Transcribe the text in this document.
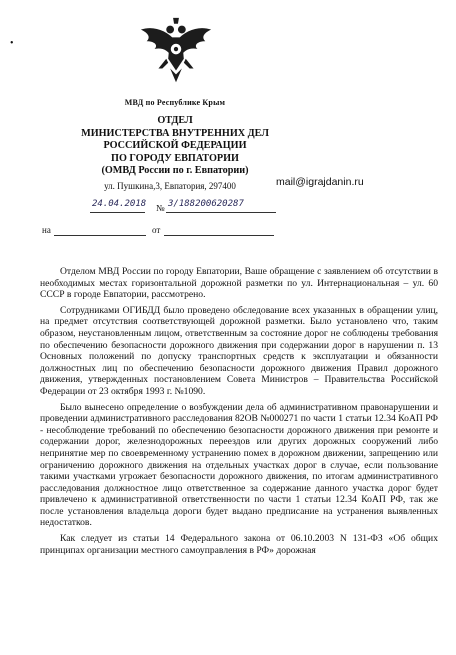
•
МВД по Республике Крым
ОТДЕЛ
МИНИСТЕРСТВА ВНУТРЕННИХ ДЕЛ
РОССИЙСКОЙ ФЕДЕРАЦИИ
ПО ГОРОДУ ЕВПАТОРИИ
(ОМВД России по г. Евпатории)
ул. Пушкина,3, Евпатория, 297400	mail@igrajdanin.ru
24.04.2018 № 3/188200620287
на	от

Отделом МВД России по городу Евпатории, Ваше обращение с заявлением об отсутствии в необходимых местах горизонтальной дорожной разметки по ул. Интернациональная – ул. 60 СССР в городе Евпатории, рассмотрено.

Сотрудниками ОГИБДД было проведено обследование всех указанных в обращении улиц, на предмет отсутствия соответствующей дорожной разметки. Было установлено что, таким образом, неустановленным лицом, ответственным за состояние дорог не соблюдены требования по обеспечению безопасности дорожного движения при содержании дорог в нарушении п. 13 Основных положений по допуску транспортных средств к эксплуатации и обязанности должностных лиц по обеспечению безопасности дорожного движения Правил дорожного движения, утвержденных постановлением Совета Министров – Правительства Российской Федерации от 23 октября 1993 г. №1090.

Было вынесено определение о возбуждении дела об административном правонарушении и проведении административного расследования 82ОВ №000271 по части 1 статьи 12.34 КоАП РФ - несоблюдение требований по обеспечению безопасности дорожного движения при ремонте и содержании дорог, железнодорожных переездов или других дорожных сооружений либо непринятие мер по своевременному устранению помех в дорожном движении, запрещению или ограничению дорожного движения на отдельных участках дорог в случае, если пользование такими участками угрожает безопасности дорожного движения, по итогам административного расследования должностное лицо ответственное за содержание данного участка дорог будет привлечено к административной ответственности по части 1 статьи 12.34 КоАП РФ, так же после установления владельца дороги будет выдано предписание на устранения выявленных недостатков.

Как следует из статьи 14 Федерального закона от 06.10.2003 N 131-ФЗ «Об общих принципах организации местного самоуправления в РФ» дорожная
